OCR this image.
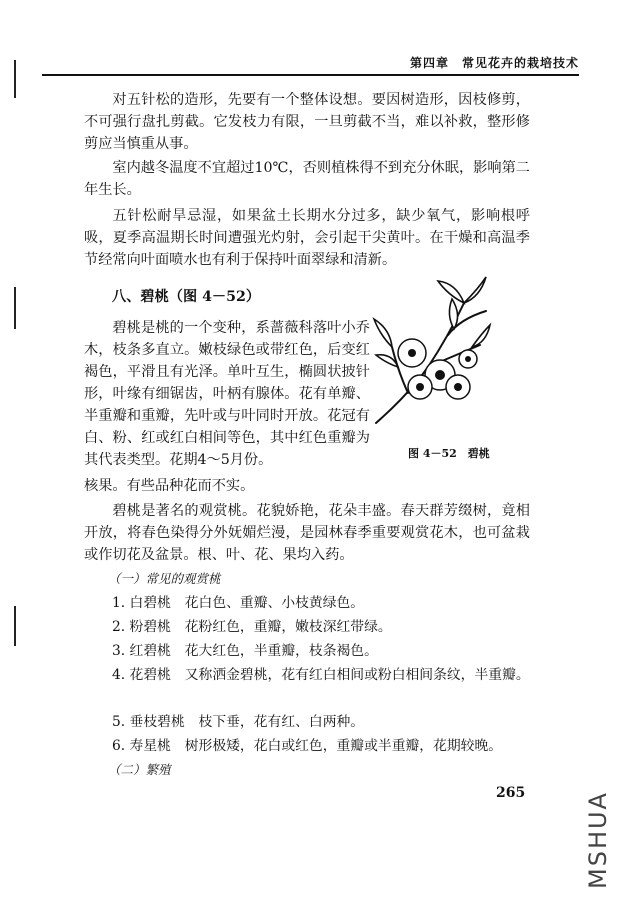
第四章　常见花卉的栽培技术

对五针松的造形，先要有一个整体设想。要因树造形，因枝修剪，不可强行盘扎剪截。它发枝力有限，一旦剪截不当，难以补救，整形修剪应当慎重从事。

室内越冬温度不宜超过10℃，否则植株得不到充分休眠，影响第二年生长。

五针松耐旱忌湿，如果盆土长期水分过多，缺少氧气，影响根呼吸，夏季高温期长时间遭强光灼射，会引起干尖黄叶。在干燥和高温季节经常向叶面喷水也有利于保持叶面翠绿和清新。

八、碧桃（图 4－52）

碧桃是桃的一个变种，系蔷薇科落叶小乔木，枝条多直立。嫩枝绿色或带红色，后变红褐色，平滑且有光泽。单叶互生，椭圆状披针形，叶缘有细锯齿，叶柄有腺体。花有单瓣、半重瓣和重瓣，先叶或与叶同时开放。花冠有白、粉、红或红白相间等色，其中红色重瓣为其代表类型。花期4～5月份。

核果。有些品种花而不实。

碧桃是著名的观赏桃。花貌娇艳，花朵丰盛。春天群芳缀树，竟相开放，将春色染得分外妩媚烂漫，是园林春季重要观赏花木，也可盆栽或作切花及盆景。根、叶、花、果均入药。

（一）常见的观赏桃
1. 白碧桃　花白色、重瓣、小枝黄绿色。
2. 粉碧桃　花粉红色，重瓣，嫩枝深红带绿。
3. 红碧桃　花大红色，半重瓣，枝条褐色。
4. 花碧桃　又称洒金碧桃，花有红白相间或粉白相间条纹，半重瓣。
5. 垂枝碧桃　枝下垂，花有红、白两种。
6. 寿星桃　树形极矮，花白或红色，重瓣或半重瓣，花期较晚。
（二）繁殖
图 4－52　碧桃
265 MSHUA
